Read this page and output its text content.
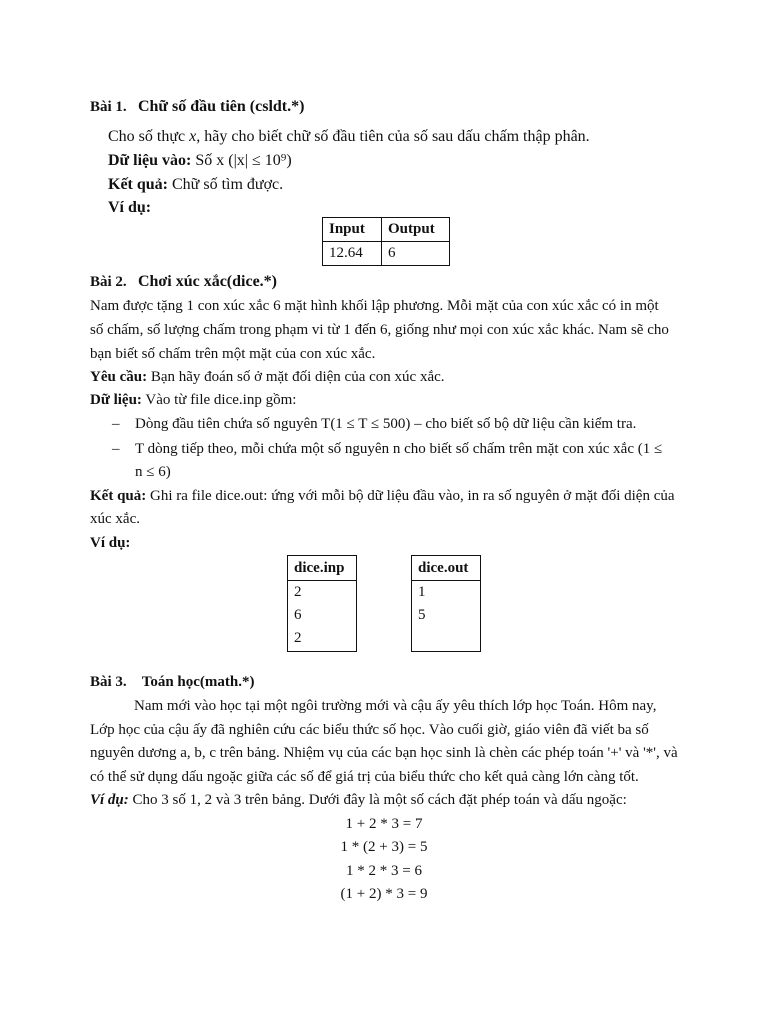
Bài 1. Chữ số đầu tiên (csldt.*)
Cho số thực x, hãy cho biết chữ số đầu tiên của số sau dấu chấm thập phân.
Dữ liệu vào: Số x (|x| ≤ 10⁹)
Kết quả: Chữ số tìm được.
Ví dụ:
Input	Output
12.64	6
Bài 2. Chơi xúc xắc(dice.*)
Nam được tặng 1 con xúc xắc 6 mặt hình khối lập phương. Mỗi mặt của con xúc xắc có in một
số chấm, số lượng chấm trong phạm vi từ 1 đến 6, giống như mọi con xúc xắc khác. Nam sẽ cho
bạn biết số chấm trên một mặt của con xúc xắc.
Yêu cầu: Bạn hãy đoán số ở mặt đối diện của con xúc xắc.
Dữ liệu: Vào từ file dice.inp gồm:
– Dòng đầu tiên chứa số nguyên T(1 ≤ T ≤ 500) – cho biết số bộ dữ liệu cần kiểm tra.
– T dòng tiếp theo, mỗi chứa một số nguyên n cho biết số chấm trên mặt con xúc xắc (1 ≤
n ≤ 6)
Kết quả: Ghi ra file dice.out: ứng với mỗi bộ dữ liệu đầu vào, in ra số nguyên ở mặt đối diện của
xúc xắc.
Ví dụ:
dice.inp

2
6
2
dice.out

1
5
Bài 3. Toán học(math.*)
Nam mới vào học tại một ngôi trường mới và cậu ấy yêu thích lớp học Toán. Hôm nay,
Lớp học của cậu ấy đã nghiên cứu các biểu thức số học. Vào cuối giờ, giáo viên đã viết ba số
nguyên dương a, b, c trên bảng. Nhiệm vụ của các bạn học sinh là chèn các phép toán '+' và '*', và
có thể sử dụng dấu ngoặc giữa các số để giá trị của biểu thức cho kết quả càng lớn càng tốt.
Ví dụ: Cho 3 số 1, 2 và 3 trên bảng. Dưới đây là một số cách đặt phép toán và dấu ngoặc:
1 + 2 * 3 = 7
1 * (2 + 3) = 5
1 * 2 * 3 = 6
(1 + 2) * 3 = 9
